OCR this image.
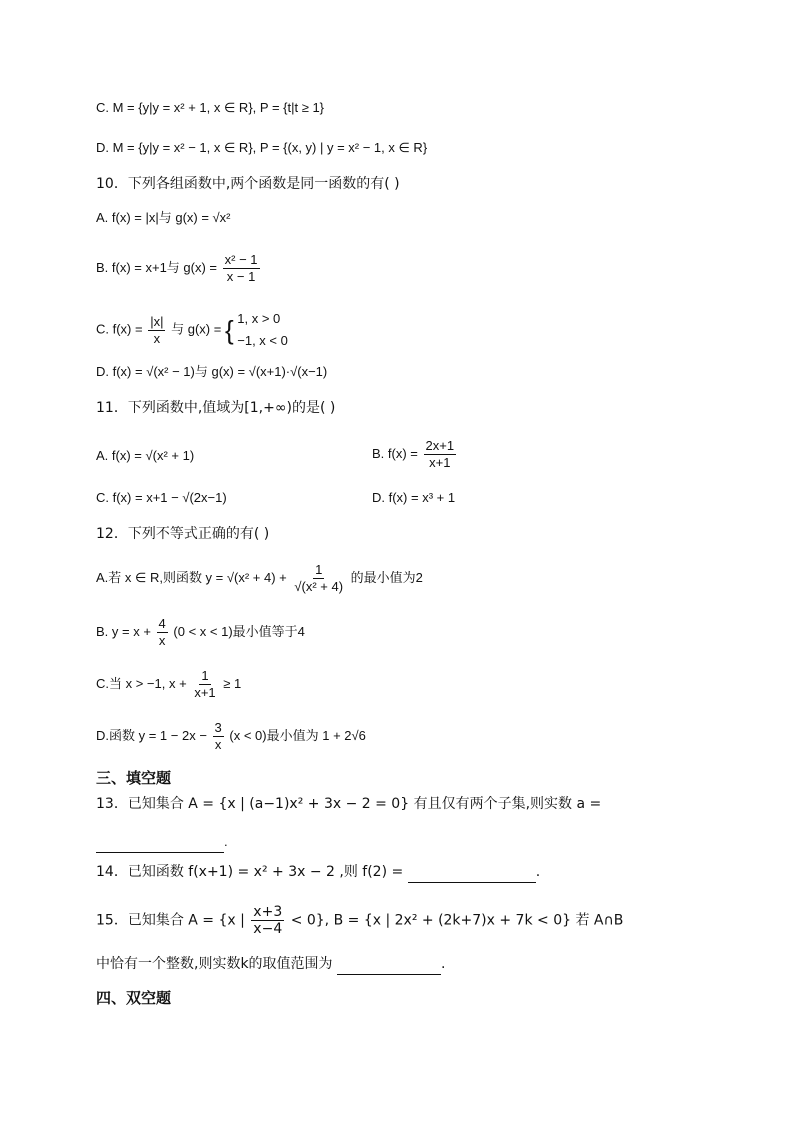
C. M = {y|y = x² + 1, x ∈ R}, P = {t|t ≥ 1}
D. M = {y|y = x² − 1, x ∈ R}, P = {(x, y) | y = x² − 1, x ∈ R}
10．下列各组函数中,两个函数是同一函数的有( )
A. f(x) = |x|与 g(x) = √x²
B. f(x) = x+1与 $g(x) = \frac{\text{x² − 1}}{x - 1}$
C. $f(x) = \frac{|x|}{x}$ 与 g(x) = { 1, x > 0
−1, x < 0
D. f(x) = √(x² − 1)与 g(x) = √(x+1)·√(x−1)
11．下列函数中,值域为[1,+∞)的是( )
A. f(x) = √(x² + 1)	B. $f(x) = \frac{2x+1}{x+1}$
C. f(x) = x+1 − √(2x−1)	D. f(x) = x³ + 1
12．下列不等式正确的有( )
A.若 x ∈ R,则函数 $y = √(x^2 + 4) + \frac{1}{\text{√(x² + 4)}}$ 的最小值为2
B. $y = x + \frac{4}{x} (0 < x < 1)$最小值等于4
C.当 x > −1, $x + \frac{1}{x+1} \ge 1$
D.函数 $y = 1 - 2x - \frac{3}{x} (x < 0)$最小值为 1 + 2√6
三、填空题
13．已知集合 A = {x | (a−1)x² + 3x − 2 = 0} 有且仅有两个子集,则实数 a =
.
14．已知函数 f(x+1) = x² + 3x − 2 ,则 f(2) =	.
15．已知集合 A = {x | $\frac{x+3}{x-4} < 0$}, B = {x | 2x² + (2k+7)x + 7k < 0} 若 A∩B
中恰有一个整数,则实数k的取值范围为	.
四、双空题
